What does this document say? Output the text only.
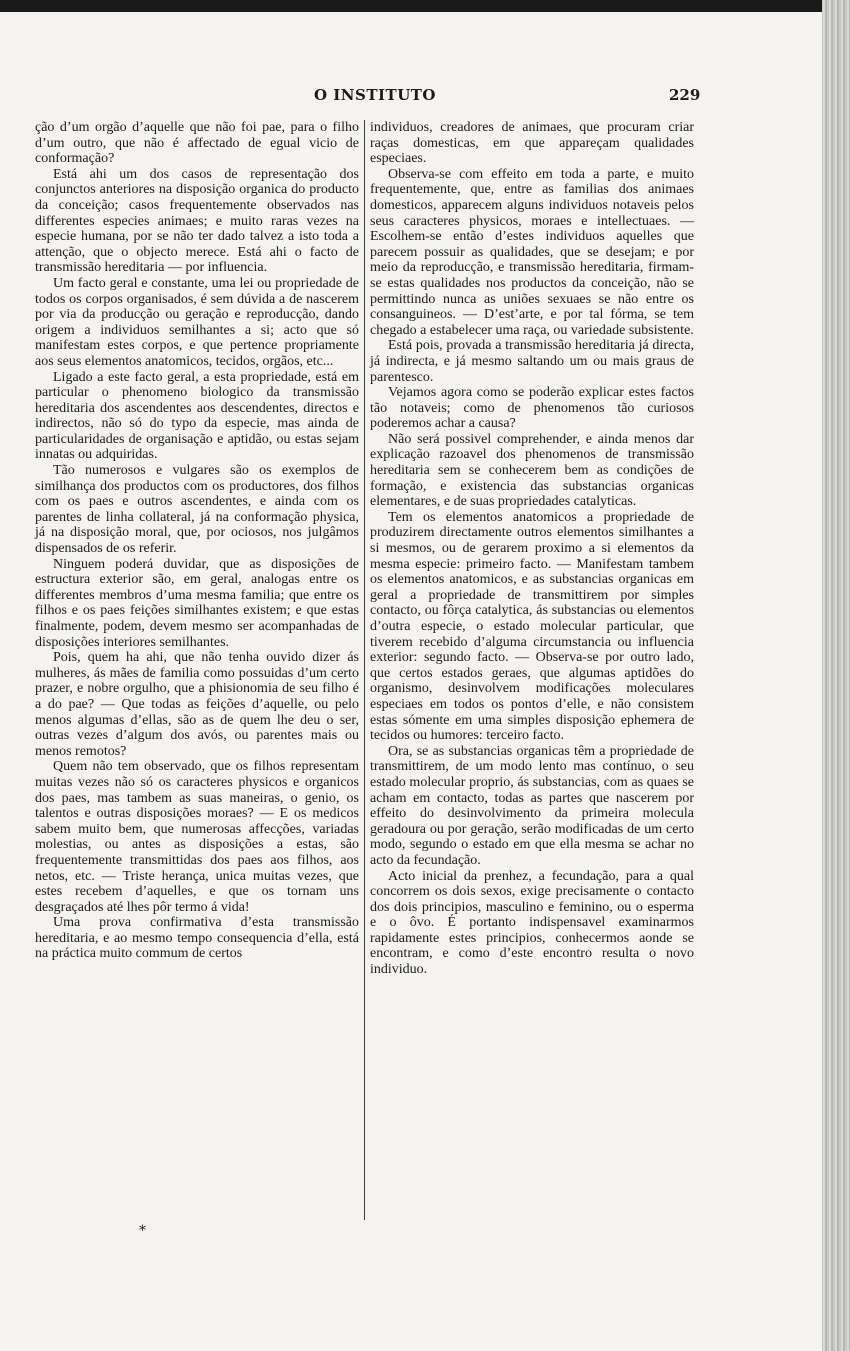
O INSTITUTO	229

ção d’um orgão d’aquelle que não foi pae, para o filho d’um outro, que não é affectado de egual vicio de conformação?

Está ahi um dos casos de representação dos conjunctos anteriores na disposição organica do producto da conceição; casos frequentemente observados nas differentes especies animaes; e muito raras vezes na especie humana, por se não ter dado talvez a isto toda a attenção, que o objecto merece. Está ahi o facto de transmissão hereditaria — por influencia.

Um facto geral e constante, uma lei ou propriedade de todos os corpos organisados, é sem dúvida a de nascerem por via da producção ou geração e reproducção, dando origem a individuos semilhantes a si; acto que só manifestam estes corpos, e que pertence propriamente aos seus elementos anatomicos, tecidos, orgãos, etc...

Ligado a este facto geral, a esta propriedade, está em particular o phenomeno biologico da transmissão hereditaria dos ascendentes aos descendentes, directos e indirectos, não só do typo da especie, mas ainda de particularidades de organisação e aptidão, ou estas sejam innatas ou adquiridas.

Tão numerosos e vulgares são os exemplos de similhança dos productos com os productores, dos filhos com os paes e outros ascendentes, e ainda com os parentes de linha collateral, já na conformação physica, já na disposição moral, que, por ociosos, nos julgâmos dispensados de os referir.

Ninguem poderá duvidar, que as disposições de estructura exterior são, em geral, analogas entre os differentes membros d’uma mesma familia; que entre os filhos e os paes feições similhantes existem; e que estas finalmente, podem, devem mesmo ser acompanhadas de disposições interiores semilhantes.

Pois, quem ha ahi, que não tenha ouvido dizer ás mulheres, ás mães de familia como possuidas d’um certo prazer, e nobre orgulho, que a phisionomia de seu filho é a do pae? — Que todas as feições d’aquelle, ou pelo menos algumas d’ellas, são as de quem lhe deu o ser, outras vezes d’algum dos avós, ou parentes mais ou menos remotos?

Quem não tem observado, que os filhos representam muitas vezes não só os caracteres physicos e organicos dos paes, mas tambem as suas maneiras, o genio, os talentos e outras disposições moraes? — E os medicos sabem muito bem, que numerosas affecções, variadas molestias, ou antes as disposições a estas, são frequentemente transmittidas dos paes aos filhos, aos netos, etc. — Triste herança, unica muitas vezes, que estes recebem d’aquelles, e que os tornam uns desgraçados até lhes pôr termo á vida!

Uma prova confirmativa d’esta transmissão hereditaria, e ao mesmo tempo consequencia d’ella, está na práctica muito commum de certos

individuos, creadores de animaes, que procuram criar raças domesticas, em que appareçam qualidades especiaes.

Observa-se com effeito em toda a parte, e muito frequentemente, que, entre as familias dos animaes domesticos, apparecem alguns individuos notaveis pelos seus caracteres physicos, moraes e intellectuaes. — Escolhem-se então d’estes individuos aquelles que parecem possuir as qualidades, que se desejam; e por meio da reproducção, e transmissão hereditaria, firmam-se estas qualidades nos productos da conceição, não se permittindo nunca as uniões sexuaes se não entre os consanguineos. — D’est’arte, e por tal fórma, se tem chegado a estabelecer uma raça, ou variedade subsistente.

Está pois, provada a transmissão hereditaria já directa, já indirecta, e já mesmo saltando um ou mais graus de parentesco.

Vejamos agora como se poderão explicar estes factos tão notaveis; como de phenomenos tão curiosos poderemos achar a causa?

Não será possivel comprehender, e ainda menos dar explicação razoavel dos phenomenos de transmissão hereditaria sem se conhecerem bem as condições de formação, e existencia das substancias organicas elementares, e de suas propriedades catalyticas.

Tem os elementos anatomicos a propriedade de produzirem directamente outros elementos similhantes a si mesmos, ou de gerarem proximo a si elementos da mesma especie: primeiro facto. — Manifestam tambem os elementos anatomicos, e as substancias organicas em geral a propriedade de transmittirem por simples contacto, ou fôrça catalytica, ás substancias ou elementos d’outra especie, o estado molecular particular, que tiverem recebido d’alguma circumstancia ou influencia exterior: segundo facto. — Observa-se por outro lado, que certos estados geraes, que algumas aptidões do organismo, desinvolvem modificações moleculares especiaes em todos os pontos d’elle, e não consistem estas sómente em uma simples disposição ephemera de tecidos ou humores: terceiro facto.

Ora, se as substancias organicas têm a propriedade de transmittirem, de um modo lento mas contínuo, o seu estado molecular proprio, ás substancias, com as quaes se acham em contacto, todas as partes que nascerem por effeito do desinvolvimento da primeira molecula geradoura ou por geração, serão modificadas de um certo modo, segundo o estado em que ella mesma se achar no acto da fecundação.

Acto inicial da prenhez, a fecundação, para a qual concorrem os dois sexos, exige precisamente o contacto dos dois principios, masculino e feminino, ou o esperma e o ôvo. É portanto indispensavel examinarmos rapidamente estes principios, conhecermos aonde se encontram, e como d’este encontro resulta o novo individuo.

*
